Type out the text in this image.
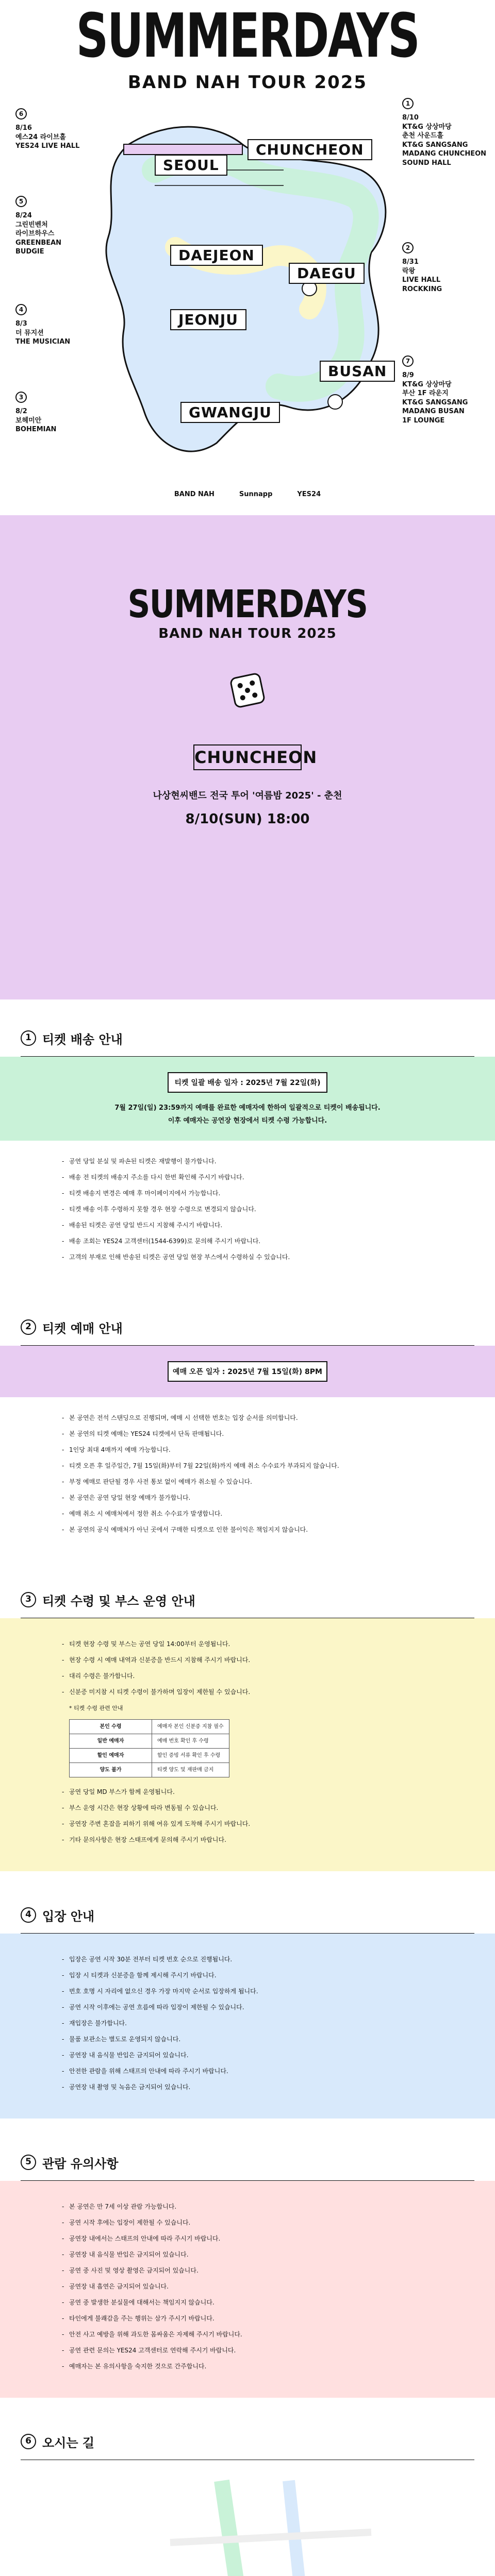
SUMMERDAYS
BAND NAH TOUR 2025
CHUNCHEON
SEOUL
DAEJEON
DAEGU
JEONJU
BUSAN
GWANGJU
6
8/16
예스24 라이브홀
YES24 LIVE HALL
5
8/24
그린빈벤처
라이브하우스
GREENBEAN
BUDGIE
4
8/3
더 뮤지션
THE MUSICIAN
3
8/2
보헤미안
BOHEMIAN
1
8/10
KT&G 상상마당
춘천 사운드홀
KT&G SANGSANG
MADANG CHUNCHEON
SOUND HALL
2
8/31
락왕
LIVE HALL
ROCKKING
7
8/9
KT&G 상상마당
부산 1F 라운지
KT&G SANGSANG
MADANG BUSAN
1F LOUNGE
BAND NAH	Sunnapp	YES24
SUMMERDAYS
BAND NAH TOUR 2025
CHUNCHEON
나상현씨밴드 전국 투어 '여름밤 2025' - 춘천
8/10(SUN) 18:00
1 티켓 배송 안내
티켓 일괄 배송 일자 : 2025년 7월 22일(화)
7월 27일(일) 23:59까지 예매를 완료한 예매자에 한하여 일괄적으로 티켓이 배송됩니다.
이후 예매자는 공연장 현장에서 티켓 수령 가능합니다.
- 공연 당일 분실 및 파손된 티켓은 재발행이 불가합니다.
- 배송 전 티켓의 배송지 주소를 다시 한번 확인해 주시기 바랍니다.
- 티켓 배송지 변경은 예매 후 마이페이지에서 가능합니다.
- 티켓 배송 이후 수령하지 못할 경우 현장 수령으로 변경되지 않습니다.
- 배송된 티켓은 공연 당일 반드시 지참해 주시기 바랍니다.
- 배송 조회는 YES24 고객센터(1544-6399)로 문의해 주시기 바랍니다.
- 고객의 부재로 인해 반송된 티켓은 공연 당일 현장 부스에서 수령하실 수 있습니다.
2 티켓 예매 안내
예매 오픈 일자 : 2025년 7월 15일(화) 8PM
- 본 공연은 전석 스탠딩으로 진행되며, 예매 시 선택한 번호는 입장 순서를 의미합니다.
- 본 공연의 티켓 예매는 YES24 티켓에서 단독 판매됩니다.
- 1인당 최대 4매까지 예매 가능합니다.
- 티켓 오픈 후 일주일간, 7월 15일(화)부터 7월 22일(화)까지 예매 취소 수수료가 부과되지 않습니다.
- 부정 예매로 판단될 경우 사전 통보 없이 예매가 취소될 수 있습니다.
- 본 공연은 공연 당일 현장 예매가 불가합니다.
- 예매 취소 시 예매처에서 정한 취소 수수료가 발생합니다.
- 본 공연의 공식 예매처가 아닌 곳에서 구매한 티켓으로 인한 불이익은 책임지지 않습니다.
3 티켓 수령 및 부스 운영 안내
- 티켓 현장 수령 및 부스는 공연 당일 14:00부터 운영됩니다.
- 현장 수령 시 예매 내역과 신분증을 반드시 지참해 주시기 바랍니다.
- 대리 수령은 불가합니다.
- 신분증 미지참 시 티켓 수령이 불가하며 입장이 제한될 수 있습니다.
* 티켓 수령 관련 안내
본인 수령	예매자 본인 신분증 지참 필수
일반 예매자	예매 번호 확인 후 수령
할인 예매자	할인 증빙 서류 확인 후 수령
양도 불가	티켓 양도 및 재판매 금지
- 공연 당일 MD 부스가 함께 운영됩니다.
- 부스 운영 시간은 현장 상황에 따라 변동될 수 있습니다.
- 공연장 주변 혼잡을 피하기 위해 여유 있게 도착해 주시기 바랍니다.
- 기타 문의사항은 현장 스태프에게 문의해 주시기 바랍니다.
4 입장 안내
- 입장은 공연 시작 30분 전부터 티켓 번호 순으로 진행됩니다.
- 입장 시 티켓과 신분증을 함께 제시해 주시기 바랍니다.
- 번호 호명 시 자리에 없으신 경우 가장 마지막 순서로 입장하게 됩니다.
- 공연 시작 이후에는 공연 흐름에 따라 입장이 제한될 수 있습니다.
- 재입장은 불가합니다.
- 물품 보관소는 별도로 운영되지 않습니다.
- 공연장 내 음식물 반입은 금지되어 있습니다.
- 안전한 관람을 위해 스태프의 안내에 따라 주시기 바랍니다.
- 공연장 내 촬영 및 녹음은 금지되어 있습니다.
5 관람 유의사항
- 본 공연은 만 7세 이상 관람 가능합니다.
- 공연 시작 후에는 입장이 제한될 수 있습니다.
- 공연장 내에서는 스태프의 안내에 따라 주시기 바랍니다.
- 공연장 내 음식물 반입은 금지되어 있습니다.
- 공연 중 사진 및 영상 촬영은 금지되어 있습니다.
- 공연장 내 흡연은 금지되어 있습니다.
- 공연 중 발생한 분실물에 대해서는 책임지지 않습니다.
- 타인에게 불쾌감을 주는 행위는 삼가 주시기 바랍니다.
- 안전 사고 예방을 위해 과도한 몸싸움은 자제해 주시기 바랍니다.
- 공연 관련 문의는 YES24 고객센터로 연락해 주시기 바랍니다.
- 예매자는 본 유의사항을 숙지한 것으로 간주합니다.
6 오시는 길
